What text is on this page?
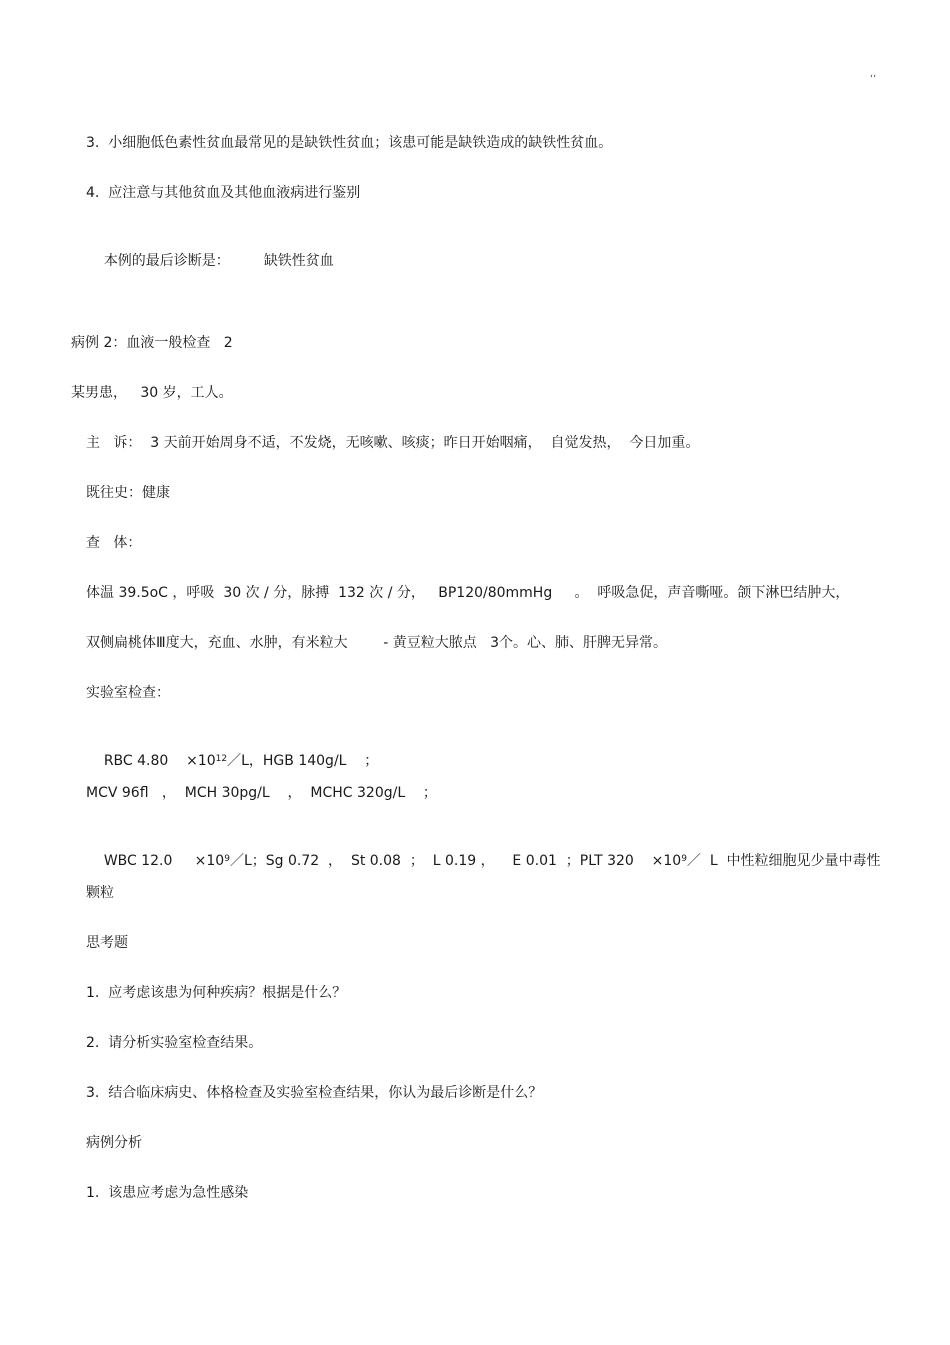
ʻʻ
3.  小细胞低色素性贫血最常见的是缺铁性贫血；该患可能是缺铁造成的缺铁性贫血。
4.  应注意与其他贫血及其他血液病进行鉴别

本例的最后诊断是： 缺铁性贫血

病例 2：血液一般检查   2
某男患，   30 岁，工人。
主   诉：  3 天前开始周身不适，不发烧，无咳嗽、咳痰；昨日开始咽痛，  自觉发热，  今日加重。
既往史：健康
查   体：
体温 39.5oC ，呼吸  30 次 / 分，脉搏  132 次 / 分，   BP120/80mmHg     。  呼吸急促，声音嘶哑。颌下淋巴结肿大，
双侧扁桃体Ⅲ度大，充血、水肿，有米粒大        - 黄豆粒大脓点   3个。心、肺、肝脾无异常。
实验室检查：

RBC 4.80    $\times 10^{12}/L$，HGB 140g/L    ；

MCV 96fl   ，  MCH 30pg/L    ，  MCHC 320g/L    ；

WBC 12.0     $\times 10^9/L$；Sg 0.72  ，  St 0.08  ；  L 0.19 ，    E 0.01  ；PLT 320    $\times 10^9/$  L  中性粒细胞见少量中毒性

颗粒
思考题
1.  应考虑该患为何种疾病？根据是什么？
2.  请分析实验室检查结果。
3.  结合临床病史、体格检查及实验室检查结果，你认为最后诊断是什么？
病例分析
1.  该患应考虑为急性感染
